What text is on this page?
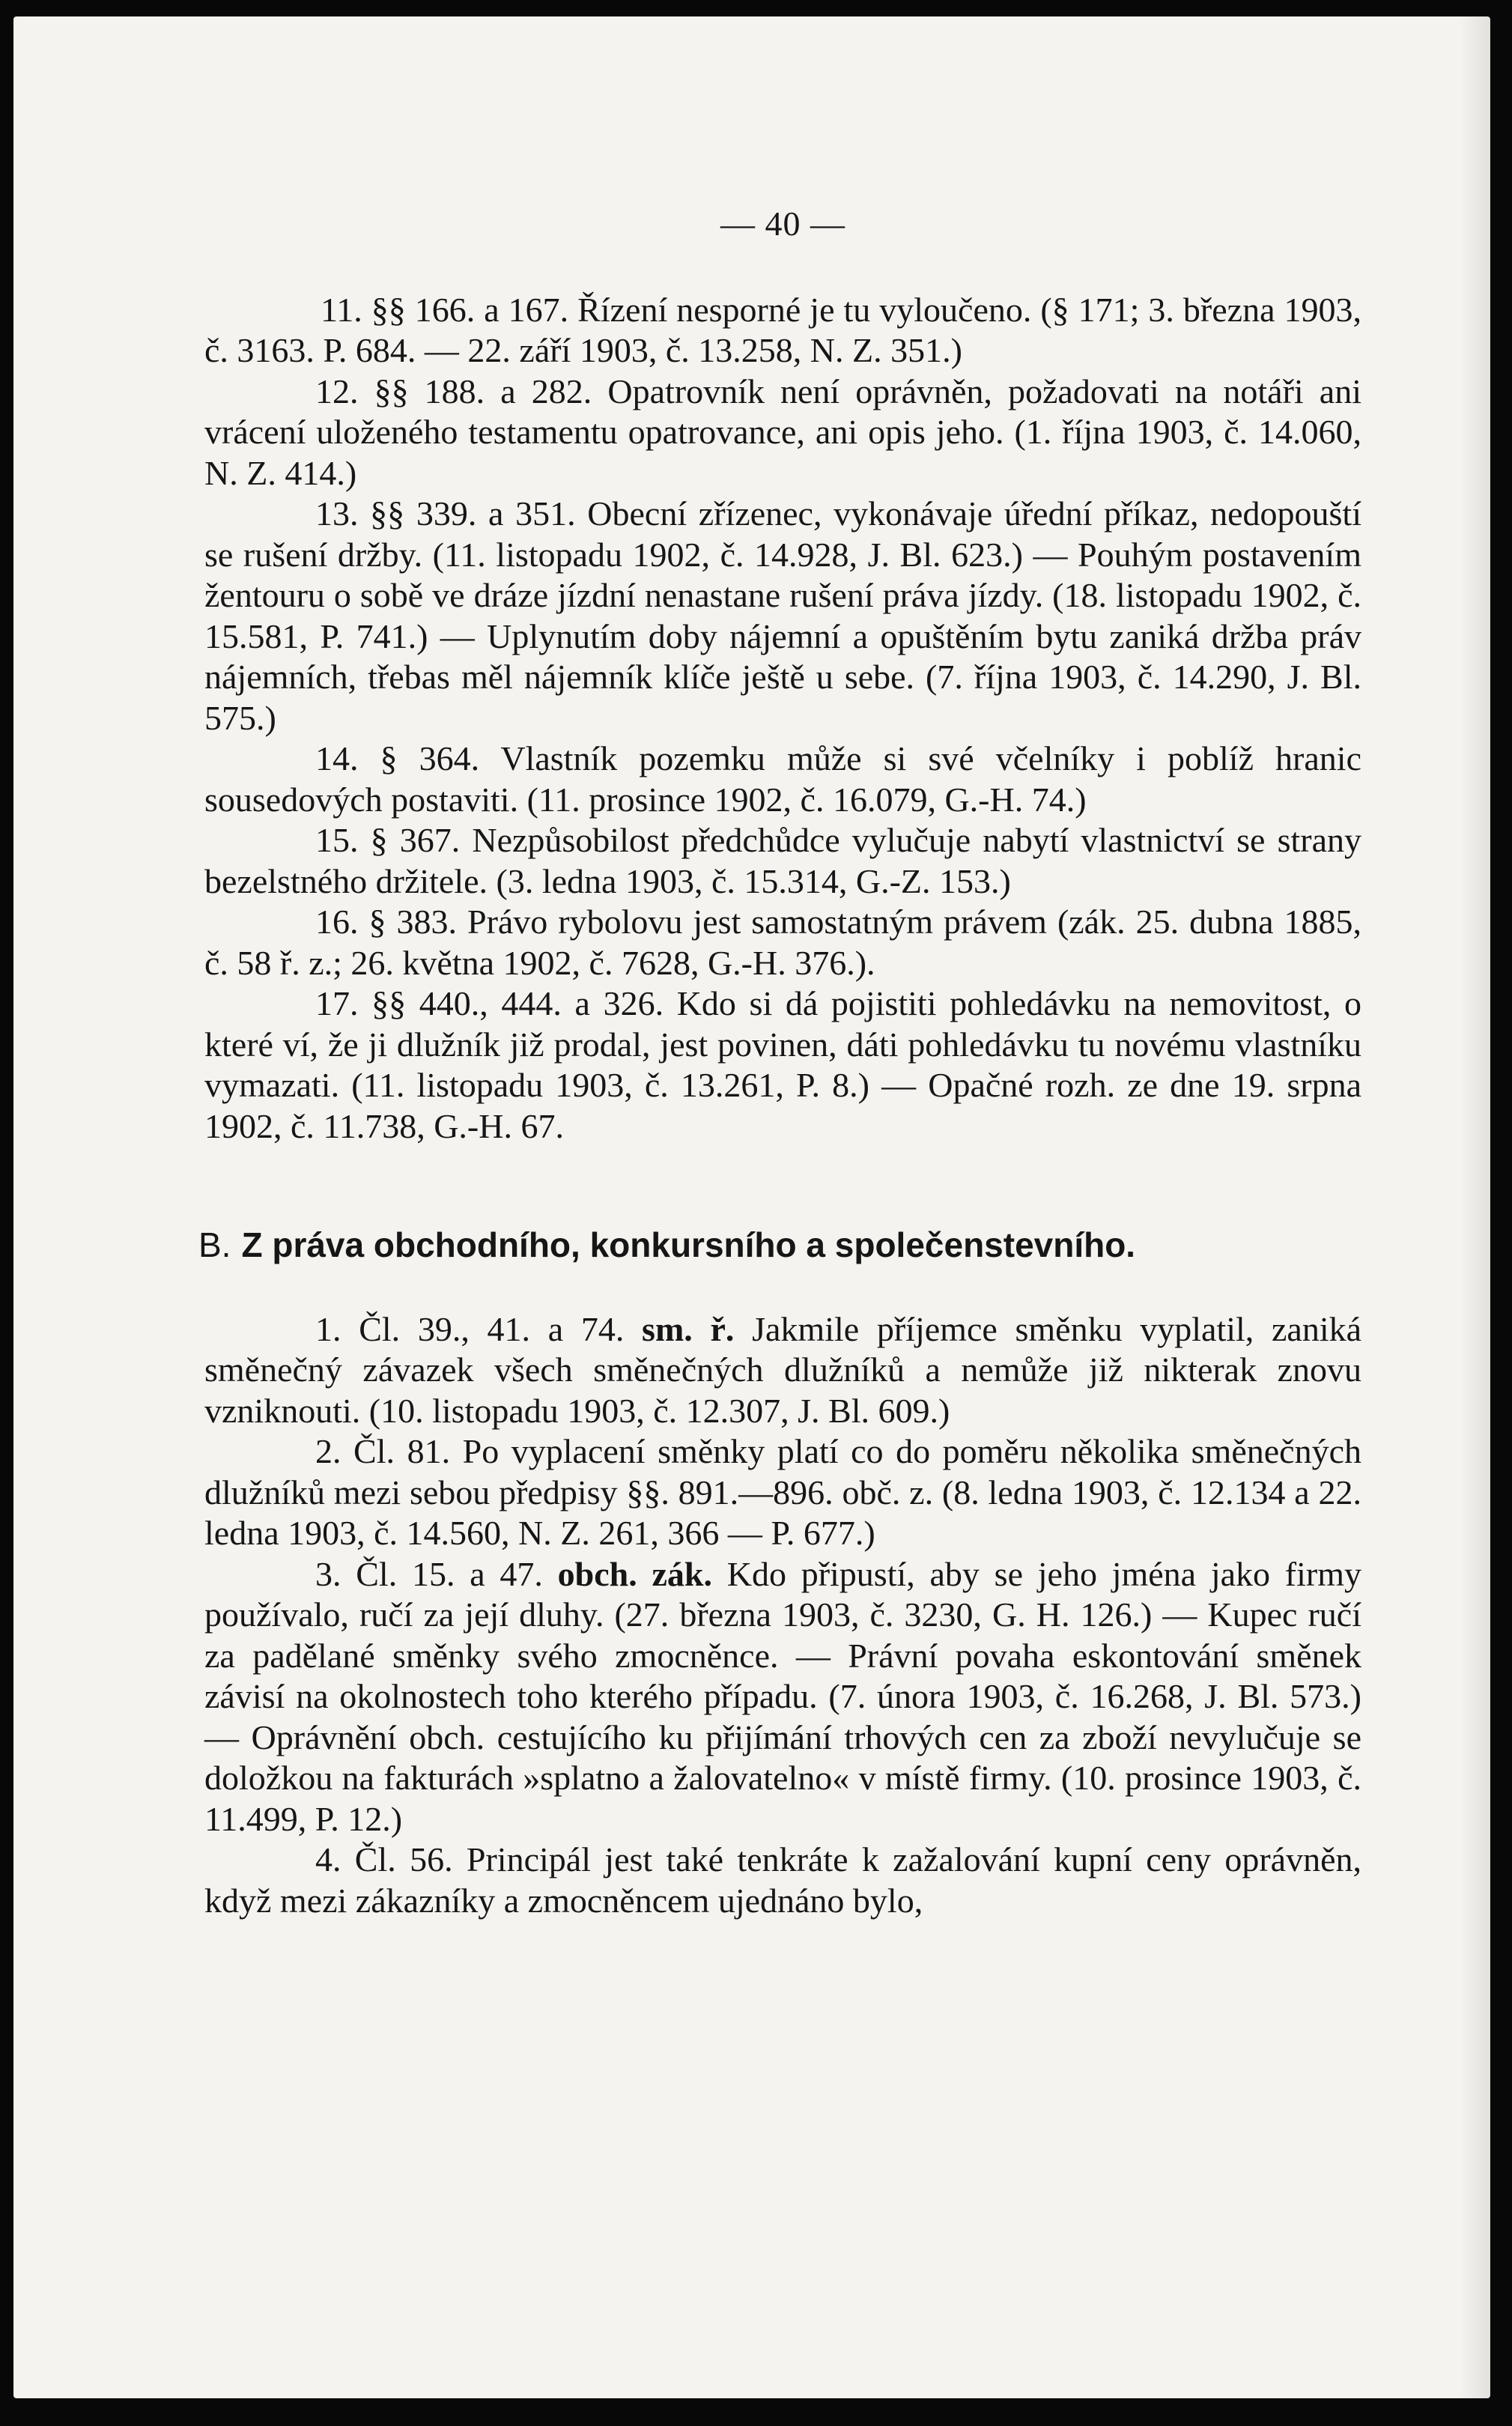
— 40 —

11. §§ 166. a 167. Řízení nesporné je tu vyloučeno. (§ 171; 3. března 1903, č. 3163. P. 684. — 22. září 1903, č. 13.258, N. Z. 351.)

12. §§ 188. a 282. Opatrovník není oprávněn, požadovati na notáři ani vrácení uloženého testamentu opatrovance, ani opis jeho. (1. října 1903, č. 14.060, N. Z. 414.)

13. §§ 339. a 351. Obecní zřízenec, vykonávaje úřední příkaz, nedopouští se rušení držby. (11. listopadu 1902, č. 14.928, J. Bl. 623.) — Pouhým postavením žentouru o sobě ve dráze jízdní nenastane rušení práva jízdy. (18. listopadu 1902, č. 15.581, P. 741.) — Uplynutím doby nájemní a opuštěním bytu zaniká držba práv nájemních, třebas měl nájemník klíče ještě u sebe. (7. října 1903, č. 14.290, J. Bl. 575.)

14. § 364. Vlastník pozemku může si své včelníky i poblíž hranic sousedových postaviti. (11. prosince 1902, č. 16.079, G.-H. 74.)

15. § 367. Nezpůsobilost předchůdce vylučuje nabytí vlastnictví se strany bezelstného držitele. (3. ledna 1903, č. 15.314, G.-Z. 153.)

16. § 383. Právo rybolovu jest samostatným právem (zák. 25. dubna 1885, č. 58 ř. z.; 26. května 1902, č. 7628, G.-H. 376.).

17. §§ 440., 444. a 326. Kdo si dá pojistiti pohledávku na nemovitost, o které ví, že ji dlužník již prodal, jest povinen, dáti pohledávku tu novému vlastníku vymazati. (11. listopadu 1903, č. 13.261, P. 8.) — Opačné rozh. ze dne 19. srpna 1902, č. 11.738, G.-H. 67.

B. Z práva obchodního, konkursního a společenstevního.

1. Čl. 39., 41. a 74. sm. ř. Jakmile příjemce směnku vyplatil, zaniká směnečný závazek všech směnečných dlužníků a nemůže již nikterak znovu vzniknouti. (10. listopadu 1903, č. 12.307, J. Bl. 609.)

2. Čl. 81. Po vyplacení směnky platí co do poměru několika směnečných dlužníků mezi sebou předpisy §§. 891.—896. obč. z. (8. ledna 1903, č. 12.134 a 22. ledna 1903, č. 14.560, N. Z. 261, 366 — P. 677.)

3. Čl. 15. a 47. obch. zák. Kdo připustí, aby se jeho jména jako firmy používalo, ručí za její dluhy. (27. března 1903, č. 3230, G. H. 126.) — Kupec ručí za padělané směnky svého zmocněnce. — Právní povaha eskontování směnek závisí na okolnostech toho kterého případu. (7. února 1903, č. 16.268, J. Bl. 573.) — Oprávnění obch. cestujícího ku přijímání trhových cen za zboží nevylučuje se doložkou na fakturách »splatno a žalovatelno« v místě firmy. (10. prosince 1903, č. 11.499, P. 12.)

4. Čl. 56. Principál jest také tenkráte k zažalování kupní ceny oprávněn, když mezi zákazníky a zmocněncem ujednáno bylo,
